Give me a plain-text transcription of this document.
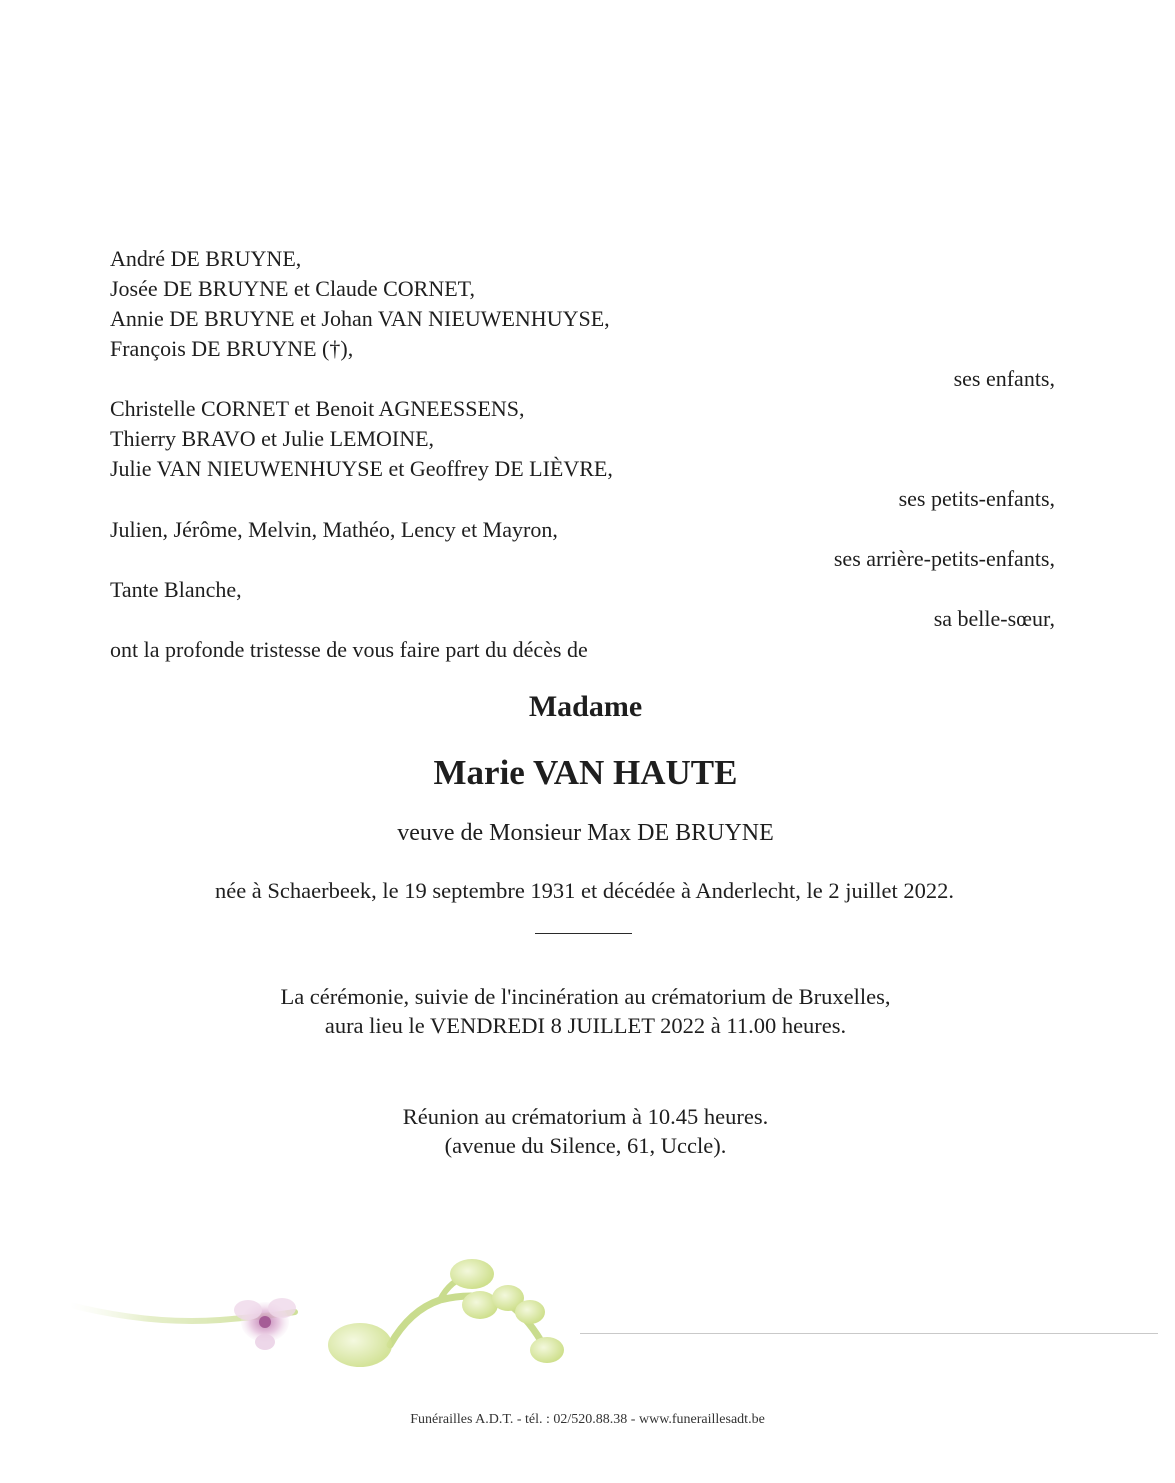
André DE BRUYNE,
Josée DE BRUYNE et Claude CORNET,
Annie DE BRUYNE et Johan VAN NIEUWENHUYSE,
François DE BRUYNE (†),
ses enfants,
Christelle CORNET et Benoit AGNEESSENS,
Thierry BRAVO et Julie LEMOINE,
Julie VAN NIEUWENHUYSE et Geoffrey DE LIÈVRE,
ses petits-enfants,
Julien, Jérôme, Melvin, Mathéo, Lency et Mayron,
ses arrière-petits-enfants,
Tante Blanche,
sa belle-sœur,
ont la profonde tristesse de vous faire part du décès de
Madame
Marie VAN HAUTE
veuve de Monsieur Max DE BRUYNE
née à Schaerbeek, le 19 septembre 1931 et décédée à Anderlecht, le 2 juillet 2022.
La cérémonie, suivie de l'incinération au crématorium de Bruxelles,
aura lieu le VENDREDI 8 JUILLET 2022 à 11.00 heures.
Réunion au crématorium à 10.45 heures.
(avenue du Silence, 61, Uccle).
Funérailles A.D.T. - tél. : 02/520.88.38 - www.funeraillesadt.be
